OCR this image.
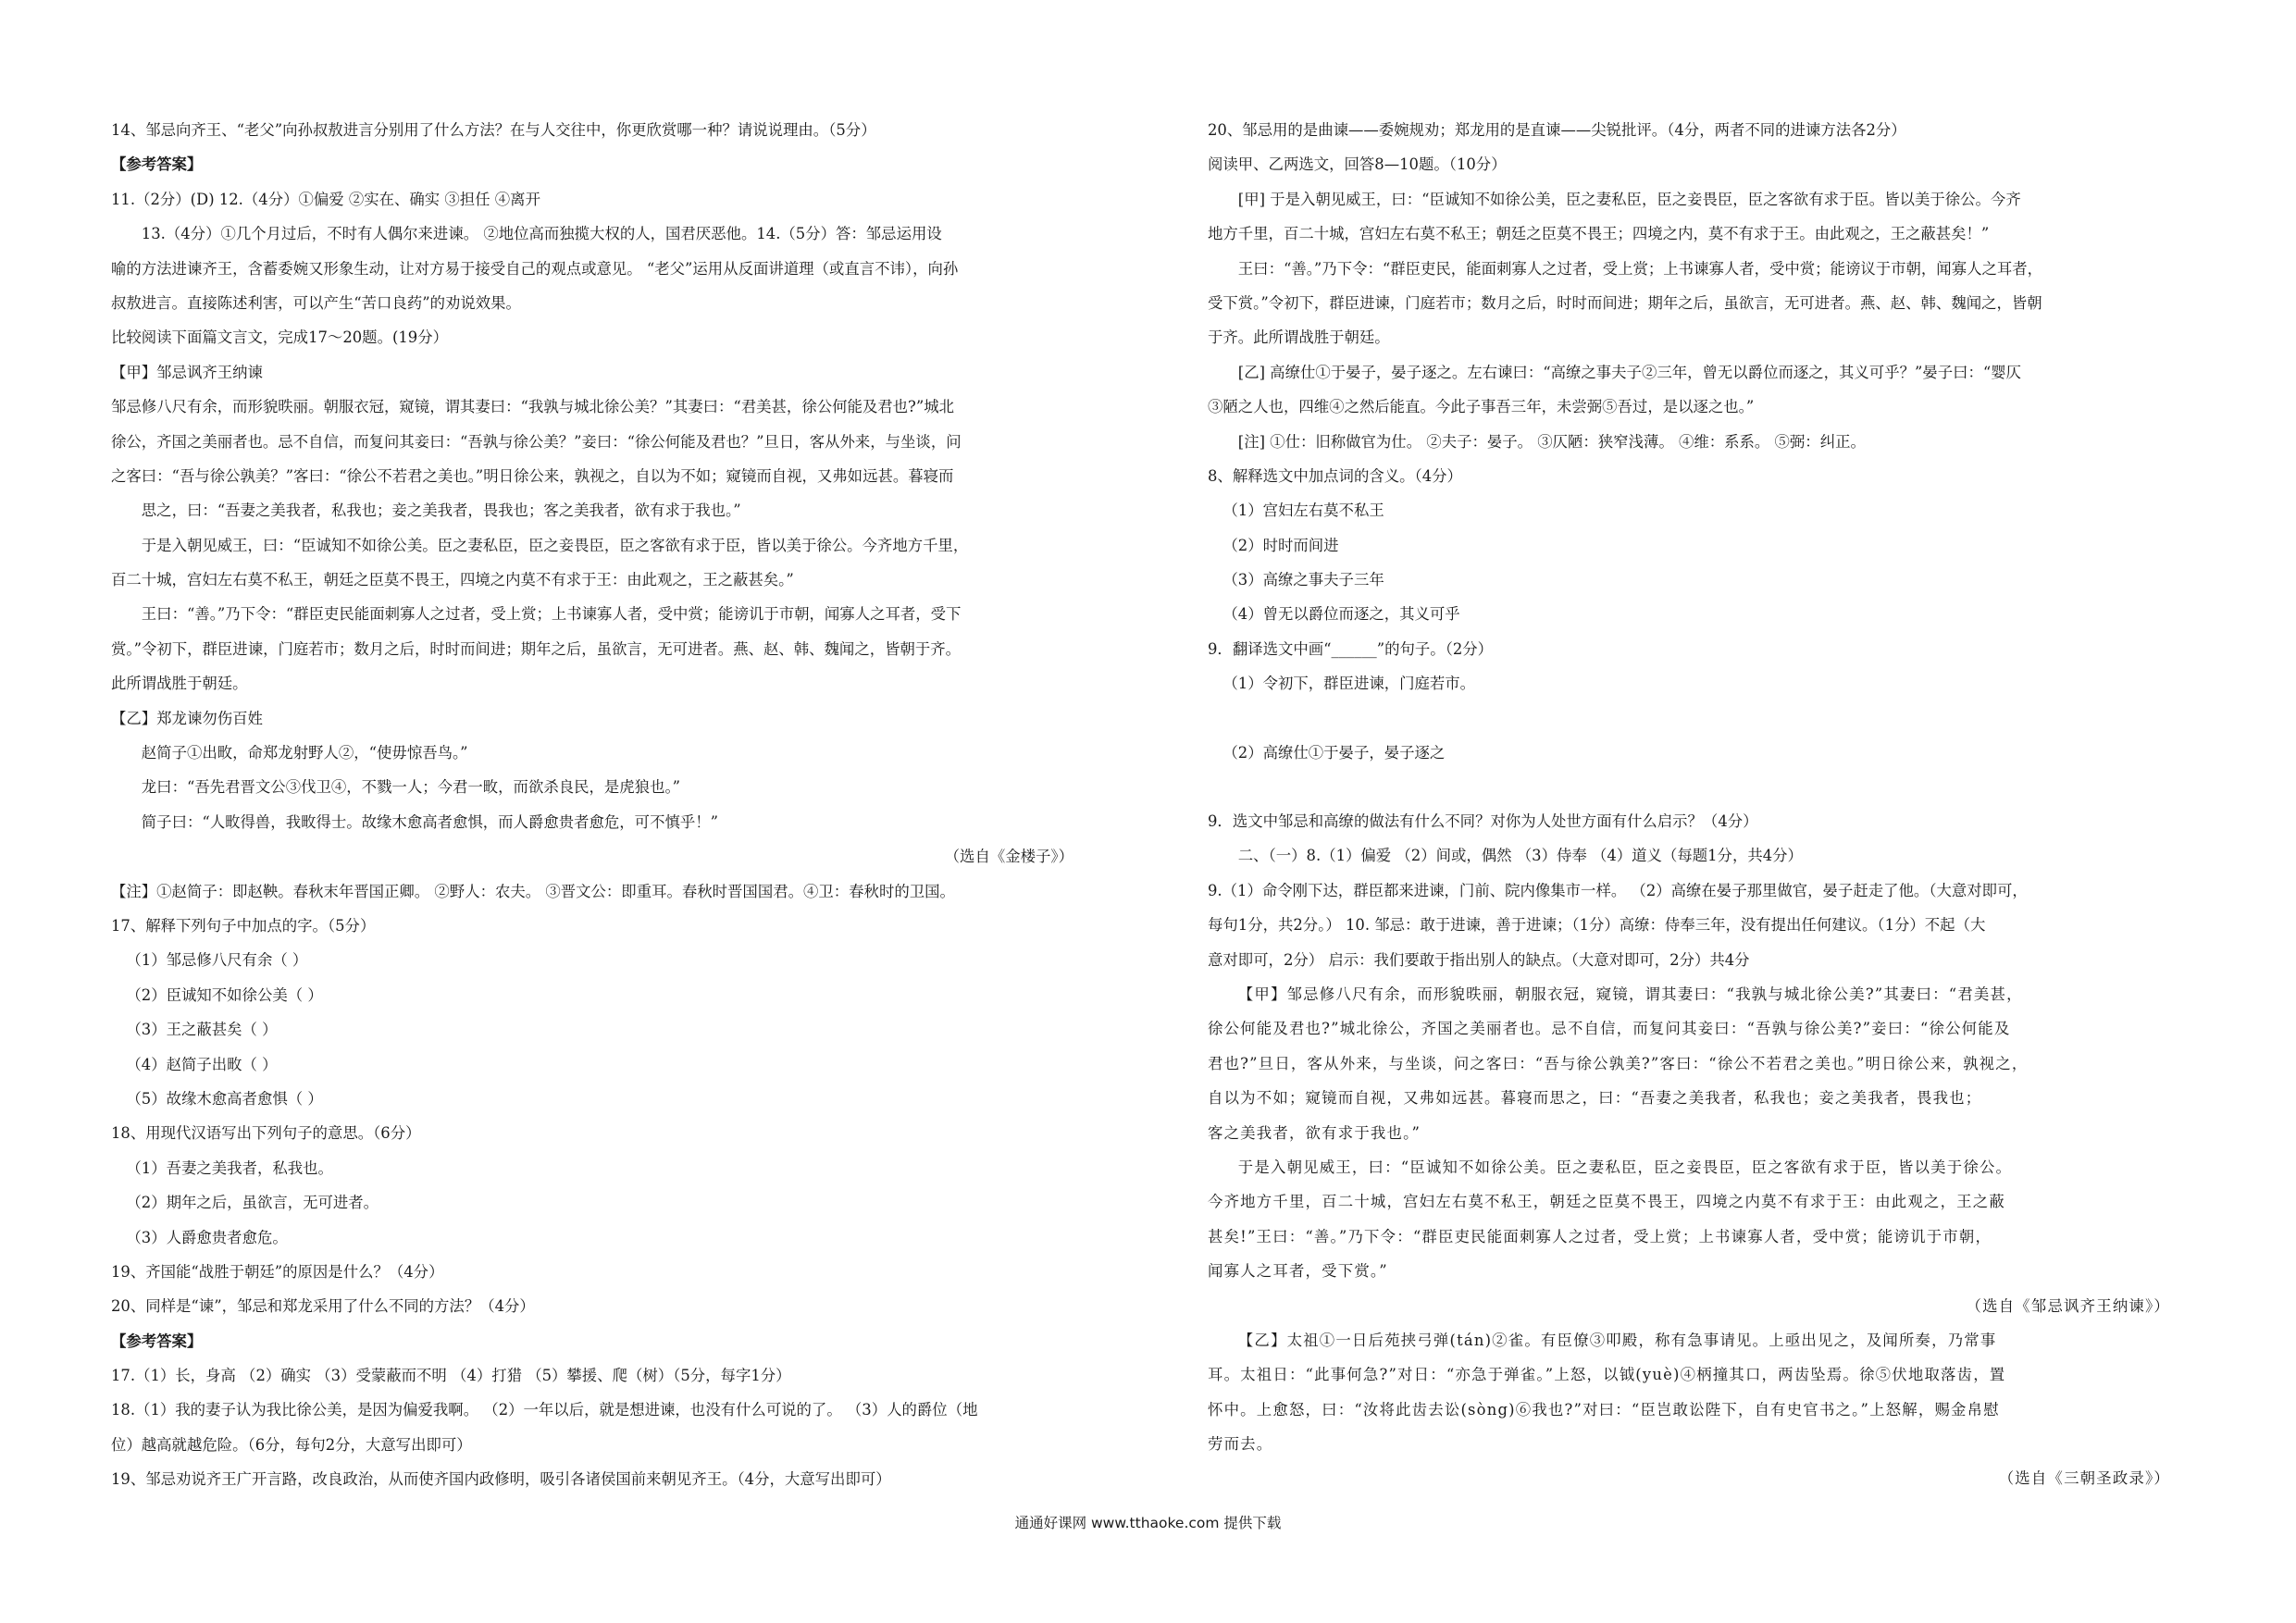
14、邹忌向齐王、“老父”向孙叔敖进言分别用了什么方法？在与人交往中，你更欣赏哪一种？请说说理由。（5分）
【参考答案】
11.（2分）(D) 12.（4分）①偏爱 ②实在、确实 ③担任 ④离开
13.（4分）①几个月过后，不时有人偶尔来进谏。 ②地位高而独揽大权的人，国君厌恶他。14.（5分）答：邹忌运用设
喻的方法进谏齐王，含蓄委婉又形象生动，让对方易于接受自己的观点或意见。 “老父”运用从反面讲道理（或直言不讳），向孙
叔敖进言。直接陈述利害，可以产生“苦口良药”的劝说效果。
比较阅读下面篇文言文，完成17～20题。(19分）
【甲】邹忌讽齐王纳谏
邹忌修八尺有余，而形貌昳丽。朝服衣冠，窥镜，谓其妻曰：“我孰与城北徐公美？”其妻曰：“君美甚，徐公何能及君也?”城北
徐公，齐国之美丽者也。忌不自信，而复问其妾曰：“吾孰与徐公美？”妾曰：“徐公何能及君也？”旦日，客从外来，与坐谈，问
之客曰：“吾与徐公孰美？”客曰：“徐公不若君之美也。”明日徐公来，孰视之，自以为不如；窥镜而自视，又弗如远甚。暮寝而
思之，曰：“吾妻之美我者，私我也；妾之美我者，畏我也；客之美我者，欲有求于我也。”
于是入朝见威王，曰：“臣诚知不如徐公美。臣之妻私臣，臣之妾畏臣，臣之客欲有求于臣，皆以美于徐公。今齐地方千里，
百二十城，宫妇左右莫不私王，朝廷之臣莫不畏王，四境之内莫不有求于王：由此观之，王之蔽甚矣。”
王曰：“善。”乃下令：“群臣吏民能面刺寡人之过者，受上赏；上书谏寡人者，受中赏；能谤讥于市朝，闻寡人之耳者，受下
赏。”令初下，群臣进谏，门庭若市；数月之后，时时而间进；期年之后，虽欲言，无可进者。燕、赵、韩、魏闻之，皆朝于齐。
此所谓战胜于朝廷。
【乙】郑龙谏勿伤百姓
赵简子①出畋，命郑龙射野人②，“使毋惊吾鸟。”
龙曰：“吾先君晋文公③伐卫④，不戮一人；今君一畋，而欲杀良民，是虎狼也。”
简子曰：“人畋得兽，我畋得士。故缘木愈高者愈惧，而人爵愈贵者愈危，可不慎乎！”
（选自《金楼子》）
【注】①赵简子：即赵鞅。春秋末年晋国正卿。 ②野人：农夫。 ③晋文公：即重耳。春秋时晋国国君。④卫：春秋时的卫国。
17、解释下列句子中加点的字。（5分）
（1）邹忌修八尺有余（ ）
（2）臣诚知不如徐公美（ ）
（3）王之蔽甚矣（ ）
（4）赵简子出畋（ ）
（5）故缘木愈高者愈惧（ ）
18、用现代汉语写出下列句子的意思。（6分）
（1）吾妻之美我者，私我也。
（2）期年之后，虽欲言，无可进者。
（3）人爵愈贵者愈危。
19、齐国能“战胜于朝廷”的原因是什么？（4分）
20、同样是“谏”，邹忌和郑龙采用了什么不同的方法？（4分）
【参考答案】
17.（1）长，身高 （2）确实 （3）受蒙蔽而不明 （4）打猎 （5）攀援、爬（树）（5分，每字1分）
18.（1）我的妻子认为我比徐公美，是因为偏爱我啊。 （2）一年以后，就是想进谏，也没有什么可说的了。 （3）人的爵位（地
位）越高就越危险。（6分，每句2分，大意写出即可）
19、邹忌劝说齐王广开言路，改良政治，从而使齐国内政修明，吸引各诸侯国前来朝见齐王。（4分，大意写出即可）
20、邹忌用的是曲谏——委婉规劝；郑龙用的是直谏——尖锐批评。（4分，两者不同的进谏方法各2分）
阅读甲、乙两选文，回答8—10题。（10分）
[甲] 于是入朝见威王，曰：“臣诚知不如徐公美，臣之妻私臣，臣之妾畏臣，臣之客欲有求于臣。皆以美于徐公。今齐
地方千里，百二十城，宫妇左右莫不私王；朝廷之臣莫不畏王；四境之内，莫不有求于王。由此观之，王之蔽甚矣！”
王曰：“善。”乃下令：“群臣吏民，能面刺寡人之过者，受上赏；上书谏寡人者，受中赏；能谤议于市朝，闻寡人之耳者，
受下赏。”令初下，群臣进谏，门庭若市；数月之后，时时而间进；期年之后，虽欲言，无可进者。燕、赵、韩、魏闻之，皆朝
于齐。此所谓战胜于朝廷。
[乙] 高缭仕①于晏子，晏子逐之。左右谏曰：“高缭之事夫子②三年，曾无以爵位而逐之，其义可乎？”晏子曰：“婴仄
③陋之人也，四维④之然后能直。今此子事吾三年，未尝弼⑤吾过，是以逐之也。”
[注] ①仕：旧称做官为仕。 ②夫子：晏子。 ③仄陋：狭窄浅薄。 ④维：系系。 ⑤弼：纠正。
8、解释选文中加点词的含义。（4分）
（1）宫妇左右莫不私王
（2）时时而间进
（3）高缭之事夫子三年
（4）曾无以爵位而逐之，其义可乎
9．翻译选文中画“______”的句子。（2分）
（1）令初下，群臣进谏，门庭若市。
（2）高缭仕①于晏子，晏子逐之
9．选文中邹忌和高缭的做法有什么不同？对你为人处世方面有什么启示？（4分）
二、（一）8.（1）偏爱 （2）间或，偶然 （3）侍奉 （4）道义（每题1分，共4分）
9.（1）命令刚下达，群臣都来进谏，门前、院内像集市一样。 （2）高缭在晏子那里做官，晏子赶走了他。（大意对即可，
每句1分，共2分。） 10. 邹忌：敢于进谏，善于进谏；（1分）高缭：侍奉三年，没有提出任何建议。（1分）不起（大
意对即可，2分） 启示：我们要敢于指出别人的缺点。（大意对即可，2分）共4分
【甲】邹忌修八尺有余，而形貌昳丽，朝服衣冠，窥镜，谓其妻曰：“我孰与城北徐公美?”其妻曰：“君美甚，
徐公何能及君也?”城北徐公，齐国之美丽者也。忌不自信，而复问其妾曰：“吾孰与徐公美?”妾曰：“徐公何能及
君也?”旦日，客从外来，与坐谈，问之客曰：“吾与徐公孰美?”客曰：“徐公不若君之美也。”明日徐公来，孰视之，
自以为不如；窥镜而自视，又弗如远甚。暮寝而思之，曰：“吾妻之美我者，私我也；妾之美我者，畏我也；
客之美我者，欲有求于我也。”
于是入朝见威王，曰：“臣诚知不如徐公美。臣之妻私臣，臣之妾畏臣，臣之客欲有求于臣，皆以美于徐公。
今齐地方千里，百二十城，宫妇左右莫不私王，朝廷之臣莫不畏王，四境之内莫不有求于王：由此观之，王之蔽
甚矣!”王曰：“善。”乃下令：“群臣吏民能面刺寡人之过者，受上赏；上书谏寡人者，受中赏；能谤讥于市朝，
闻寡人之耳者，受下赏。”
（选自《邹忌讽齐王纳谏》）
【乙】太祖①一日后苑挟弓弹(tán)②雀。有臣僚③叩殿，称有急事请见。上亟出见之，及闻所奏，乃常事
耳。太祖日：“此事何急?”对日：“亦急于弹雀。”上怒，以钺(yuè)④柄撞其口，两齿坠焉。徐⑤伏地取落齿，置
怀中。上愈怒，曰：“汝将此齿去讼(sòng)⑥我也?”对曰：“臣岂敢讼陛下，自有史官书之。”上怒解，赐金帛慰
劳而去。
（选自《三朝圣政录》）
通通好课网 www.tthaoke.com 提供下载
